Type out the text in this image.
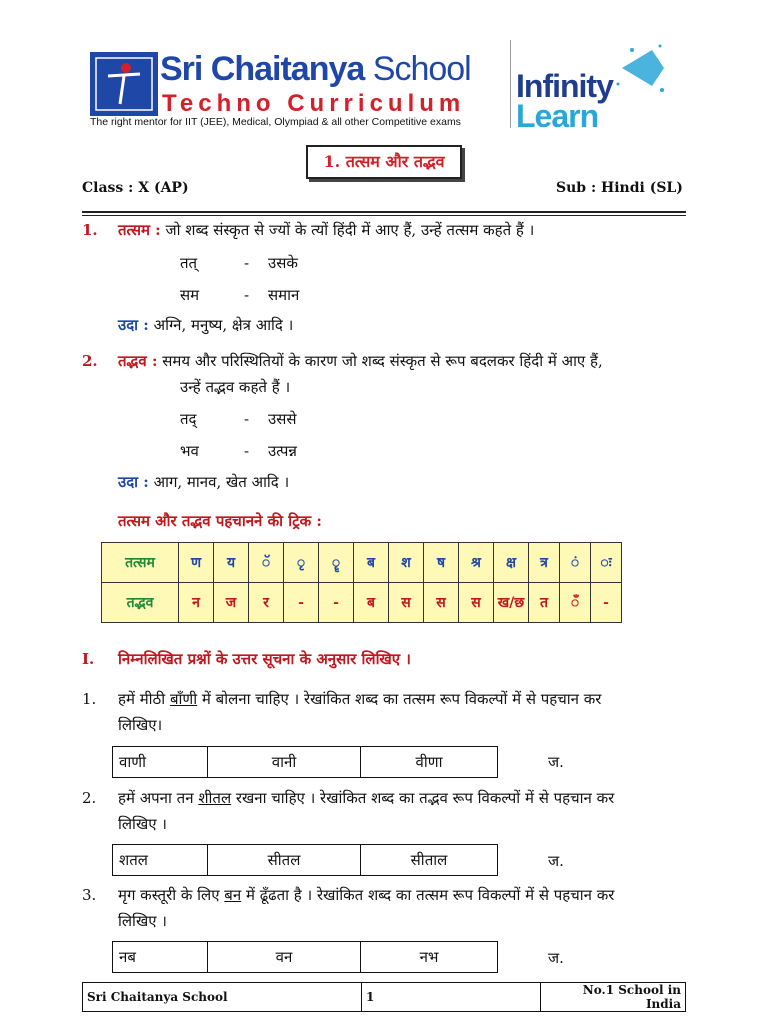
Sri Chaitanya School
Techno Curriculum
The right mentor for IIT (JEE), Medical, Olympiad & all other Competitive exams
Infinity
Learn
1. तत्सम और तद्भव
Class : X (AP)	Sub : Hindi (SL)
1. तत्सम : जो शब्द संस्कृत से ज्यों के त्यों हिंदी में आए हैं, उन्हें तत्सम कहते हैं ।
तत्	- उसके
सम	- समान
उदा : अग्नि, मनुष्य, क्षेत्र आदि ।
2. तद्भव : समय और परिस्थितियों के कारण जो शब्द संस्कृत से रूप बदलकर हिंदी में आए हैं,
उन्हें तद्भव कहते हैं ।
तद्	- उससे
भव	- उत्पन्न
उदा : आग, मानव, खेत आदि ।
तत्सम और तद्भव पहचानने की ट्रिक :
तत्सम	ण	य	ॅ	ृ	ॄ	ब	श	ष	श्र	क्ष	त्र	ं	ः
तद्भव	न	ज	र	-	-	ब	स	स	स	ख/छ	त	ँ	-
I. निम्नलिखित प्रश्नों के उत्तर सूचना के अनुसार लिखिए ।
1. हमें मीठी बाँणी में बोलना चाहिए । रेखांकित शब्द का तत्सम रूप विकल्पों में से पहचान कर
लिखिए।
वाणी	वानी	वीणा	ज.
2. हमें अपना तन शीतल रखना चाहिए । रेखांकित शब्द का तद्भव रूप विकल्पों में से पहचान कर
लिखिए ।
शतल	सीतल	सीताल	ज.
3. मृग कस्तूरी के लिए बन में ढूँढता है । रेखांकित शब्द का तत्सम रूप विकल्पों में से पहचान कर
लिखिए ।
नब	वन	नभ	ज.
Sri Chaitanya School	1	No.1 School in India
